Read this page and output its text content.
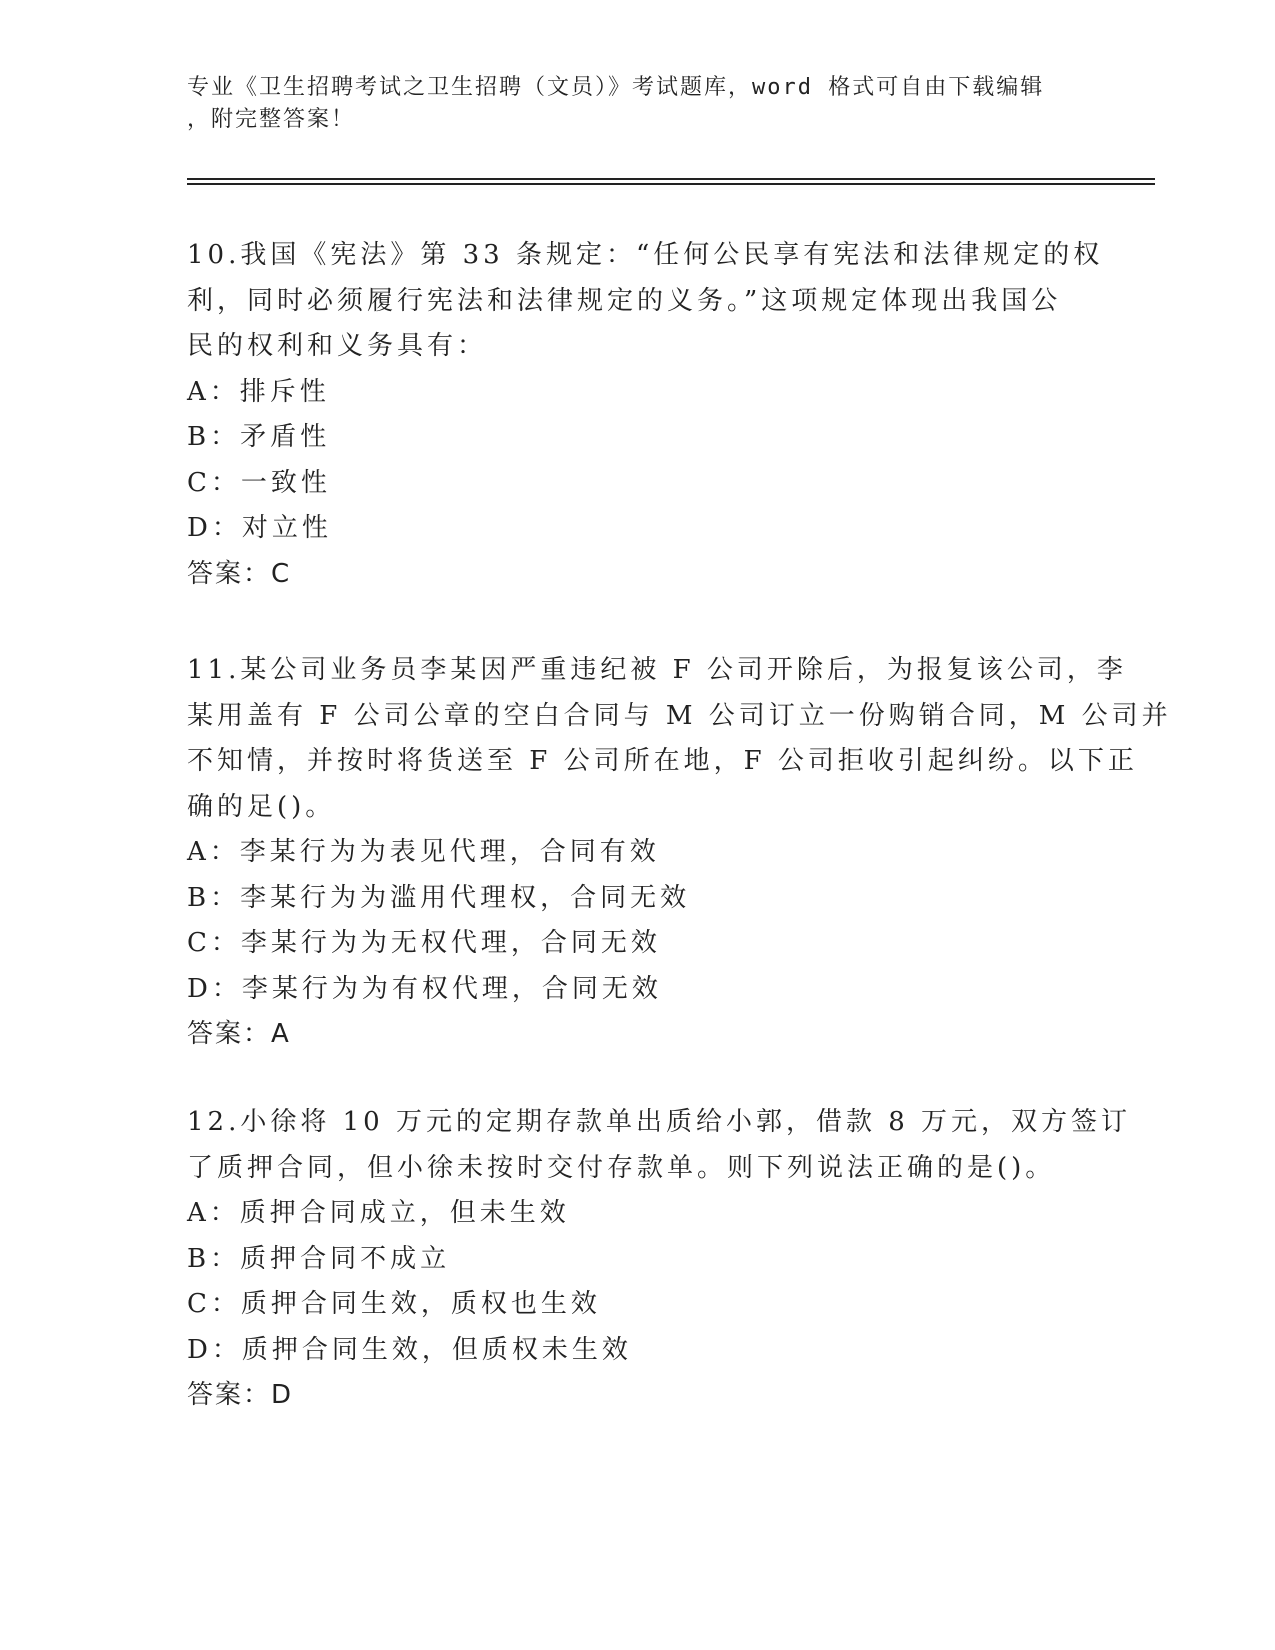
专业《卫生招聘考试之卫生招聘（文员）》考试题库，word 格式可自由下载编辑
，附完整答案！
10.我国《宪法》第 33 条规定：“任何公民享有宪法和法律规定的权
利，同时必须履行宪法和法律规定的义务。”这项规定体现出我国公
民的权利和义务具有：
A：排斥性
B：矛盾性
C：一致性
D：对立性
答案：C
11.某公司业务员李某因严重违纪被 F 公司开除后，为报复该公司，李
某用盖有 F 公司公章的空白合同与 M 公司订立一份购销合同，M 公司并
不知情，并按时将货送至 F 公司所在地，F 公司拒收引起纠纷。以下正
确的足()。
A：李某行为为表见代理，合同有效
B：李某行为为滥用代理权，合同无效
C：李某行为为无权代理，合同无效
D：李某行为为有权代理，合同无效
答案：A
12.小徐将 10 万元的定期存款单出质给小郭，借款 8 万元，双方签订
了质押合同，但小徐未按时交付存款单。则下列说法正确的是()。
A：质押合同成立，但未生效
B：质押合同不成立
C：质押合同生效，质权也生效
D：质押合同生效，但质权未生效
答案：D
